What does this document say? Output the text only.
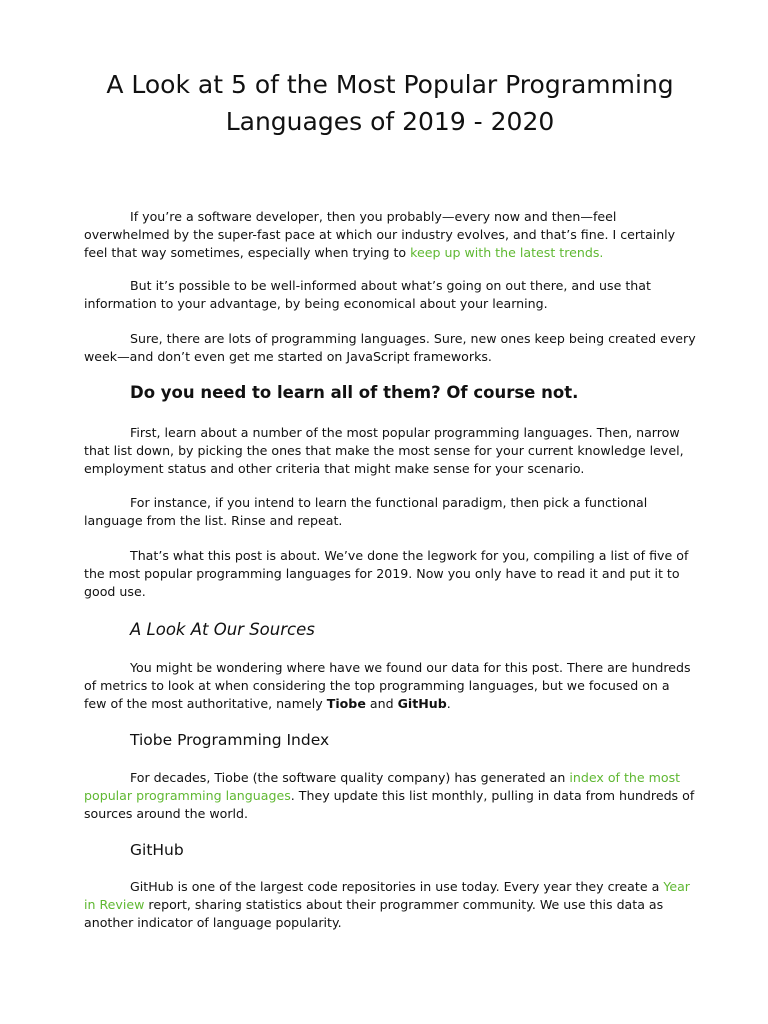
A Look at 5 of the Most Popular Programming Languages of 2019 - 2020

If you’re a software developer, then you probably—every now and then—feel overwhelmed by the super-fast pace at which our industry evolves, and that’s fine. I certainly feel that way sometimes, especially when trying to keep up with the latest trends.

But it’s possible to be well-informed about what’s going on out there, and use that information to your advantage, by being economical about your learning.

Sure, there are lots of programming languages. Sure, new ones keep being created every week—and don’t even get me started on JavaScript frameworks.

Do you need to learn all of them? Of course not.

First, learn about a number of the most popular programming languages. Then, narrow that list down, by picking the ones that make the most sense for your current knowledge level, employment status and other criteria that might make sense for your scenario.

For instance, if you intend to learn the functional paradigm, then pick a functional language from the list. Rinse and repeat.

That’s what this post is about. We’ve done the legwork for you, compiling a list of five of the most popular programming languages for 2019. Now you only have to read it and put it to good use.

A Look At Our Sources

You might be wondering where have we found our data for this post. There are hundreds of metrics to look at when considering the top programming languages, but we focused on a few of the most authoritative, namely Tiobe and GitHub.

Tiobe Programming Index

For decades, Tiobe (the software quality company) has generated an index of the most popular programming languages. They update this list monthly, pulling in data from hundreds of sources around the world.

GitHub

GitHub is one of the largest code repositories in use today. Every year they create a Year in Review report, sharing statistics about their programmer community. We use this data as another indicator of language popularity.
